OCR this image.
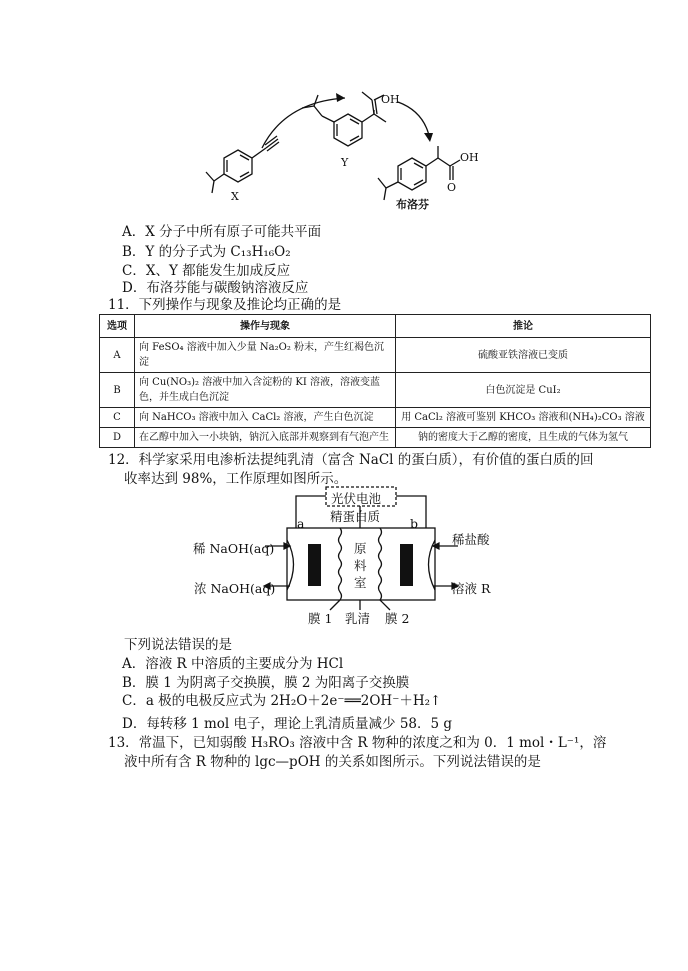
OH
Y
X
OH
O
布洛芬
A．X 分子中所有原子可能共平面
B．Y 的分子式为 C₁₃H₁₆O₂
C．X、Y 都能发生加成反应
D．布洛芬能与碳酸钠溶液反应
11．下列操作与现象及推论均正确的是
选项	操作与现象	推论
A	向 FeSO₄ 溶液中加入少量 Na₂O₂ 粉末，产生红褐色沉淀	硫酸亚铁溶液已变质
B	向 Cu(NO₃)₂ 溶液中加入含淀粉的 KI 溶液，溶液变蓝色，并生成白色沉淀	白色沉淀是 CuI₂
C	向 NaHCO₃ 溶液中加入 CaCl₂ 溶液，产生白色沉淀	用 CaCl₂ 溶液可鉴别 KHCO₃ 溶液和(NH₄)₂CO₃ 溶液
D	在乙醇中加入一小块钠，钠沉入底部并观察到有气泡产生	钠的密度大于乙醇的密度，且生成的气体为氢气
12．科学家采用电渗析法提纯乳清（富含 NaCl 的蛋白质），有价值的蛋白质的回
收率达到 98%，工作原理如图所示。
光伏电池
精蛋白质
a	b
稀 NaOH(aq)
浓 NaOH(aq)
稀盐酸
溶液 R
原
料
室
膜 1 乳清 膜 2
下列说法错误的是
A．溶液 R 中溶质的主要成分为 HCl
B．膜 1 为阴离子交换膜，膜 2 为阳离子交换膜
C．a 极的电极反应式为 2H₂O＋2e⁻══2OH⁻＋H₂↑
D．每转移 1 mol 电子，理论上乳清质量减少 58．5 g
13．常温下，已知弱酸 H₃RO₃ 溶液中含 R 物种的浓度之和为 0．1 mol・L⁻¹，溶
液中所有含 R 物种的 lgc—pOH 的关系如图所示。下列说法错误的是
